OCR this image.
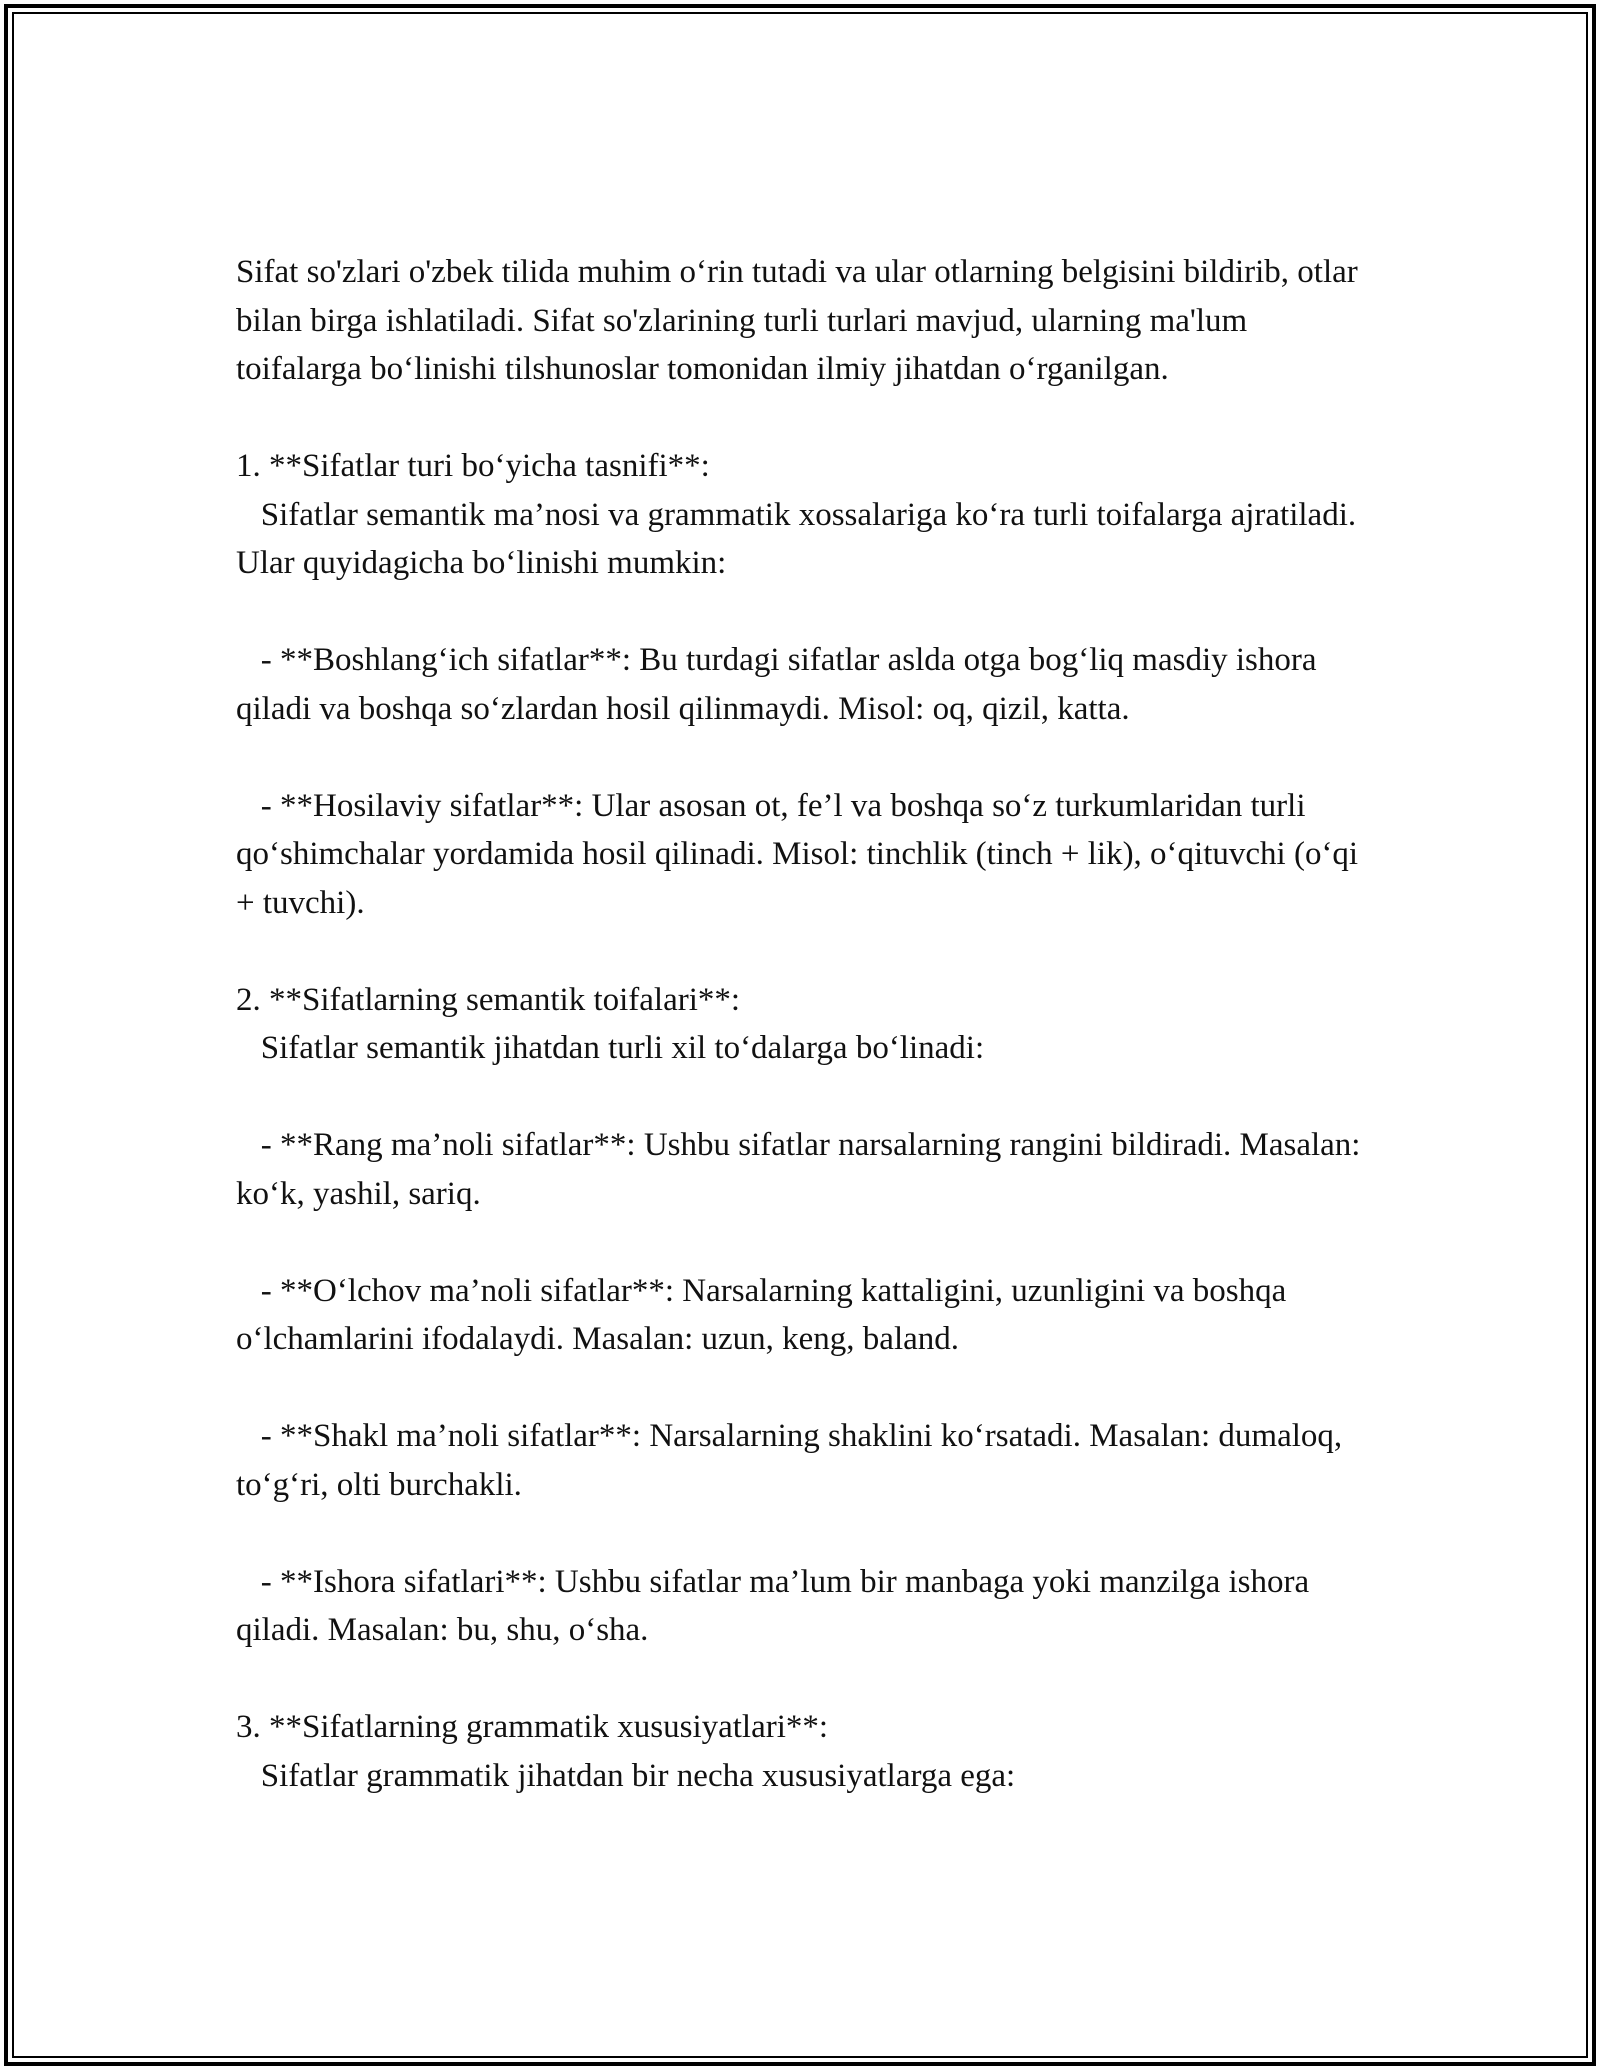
Sifat so'zlari o'zbek tilida muhim o‘rin tutadi va ular otlarning belgisini bildirib, otlar bilan birga ishlatiladi. Sifat so'zlarining turli turlari mavjud, ularning ma'lum toifalarga bo‘linishi tilshunoslar tomonidan ilmiy jihatdan o‘rganilgan.

1. **Sifatlar turi bo‘yicha tasnifi**:
Sifatlar semantik ma’nosi va grammatik xossalariga ko‘ra turli toifalarga ajratiladi. Ular quyidagicha bo‘linishi mumkin:

- **Boshlang‘ich sifatlar**: Bu turdagi sifatlar aslda otga bog‘liq masdiy ishora qiladi va boshqa so‘zlardan hosil qilinmaydi. Misol: oq, qizil, katta.

- **Hosilaviy sifatlar**: Ular asosan ot, fe’l va boshqa so‘z turkumlaridan turli qo‘shimchalar yordamida hosil qilinadi. Misol: tinchlik (tinch + lik), o‘qituvchi (o‘qi + tuvchi).

2. **Sifatlarning semantik toifalari**:
Sifatlar semantik jihatdan turli xil to‘dalarga bo‘linadi:

- **Rang ma’noli sifatlar**: Ushbu sifatlar narsalarning rangini bildiradi. Masalan: ko‘k, yashil, sariq.

- **O‘lchov ma’noli sifatlar**: Narsalarning kattaligini, uzunligini va boshqa o‘lchamlarini ifodalaydi. Masalan: uzun, keng, baland.

- **Shakl ma’noli sifatlar**: Narsalarning shaklini ko‘rsatadi. Masalan: dumaloq, to‘g‘ri, olti burchakli.

- **Ishora sifatlari**: Ushbu sifatlar ma’lum bir manbaga yoki manzilga ishora qiladi. Masalan: bu, shu, o‘sha.

3. **Sifatlarning grammatik xususiyatlari**:
Sifatlar grammatik jihatdan bir necha xususiyatlarga ega:
